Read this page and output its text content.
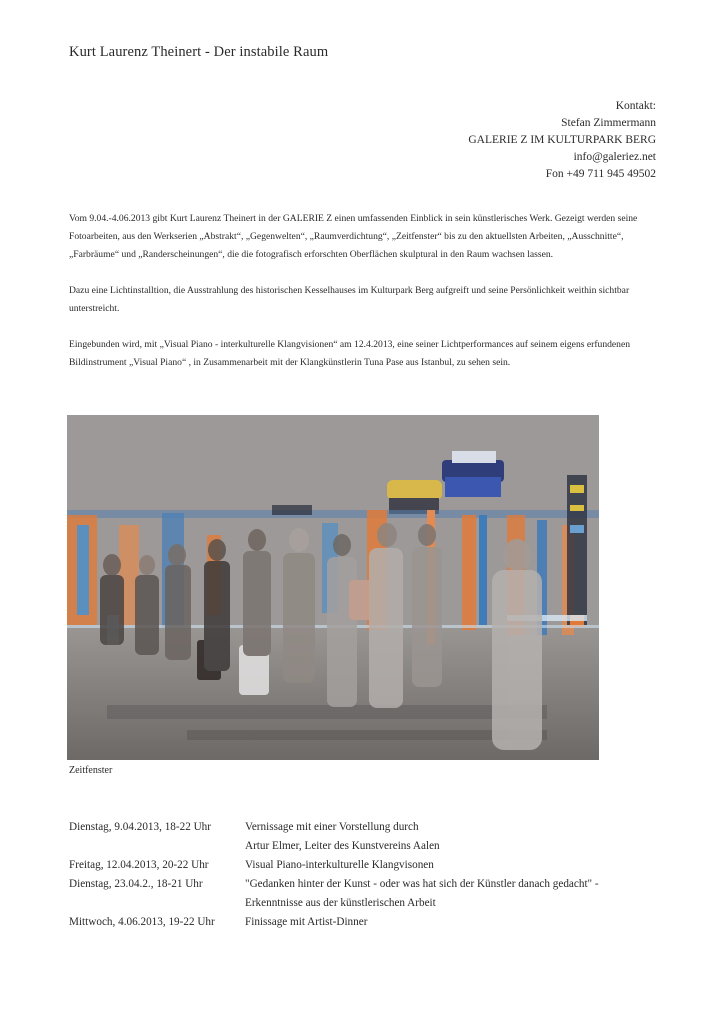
Kurt Laurenz Theinert - Der instabile Raum
Kontakt:
Stefan Zimmermann
GALERIE Z IM KULTURPARK BERG
info@galeriez.net
Fon +49 711 945 49502

Vom 9.04.-4.06.2013 gibt Kurt Laurenz Theinert in der GALERIE Z einen umfassenden Einblick in sein künstlerisches Werk. Gezeigt werden seine Fotoarbeiten, aus den Werkserien „Abstrakt“, „Gegenwelten“, „Raumverdichtung“, „Zeitfenster“ bis zu den aktuellsten Arbeiten, „Ausschnitte“, „Farbräume“ und „Randerscheinungen“, die die fotografisch erforschten Oberflächen skulptural in den Raum wachsen lassen.

Dazu eine Lichtinstalltion, die Ausstrahlung des historischen Kesselhauses im Kulturpark Berg aufgreift und seine Persönlichkeit weithin sichtbar unterstreicht.

Eingebunden wird, mit „Visual Piano - interkulturelle Klangvisionen“ am 12.4.2013, eine seiner Lichtperformances auf seinem eigens erfundenen Bildinstrument „Visual Piano“ , in Zusammenarbeit mit der Klangkünstlerin Tuna Pase aus Istanbul, zu sehen sein.

Zeitfenster
Dienstag, 9.04.2013, 18-22 Uhr	Vernissage mit einer Vorstellung durch
Artur Elmer, Leiter des Kunstvereins Aalen

Freitag, 12.04.2013, 20-22 Uhr	Visual Piano-interkulturelle Klangvisonen

Dienstag, 23.04.2., 18-21 Uhr	"Gedanken hinter der Kunst - oder was hat sich der Künstler danach gedacht" -
Erkenntnisse aus der künstlerischen Arbeit

Mittwoch, 4.06.2013, 19-22 Uhr	Finissage mit Artist-Dinner
